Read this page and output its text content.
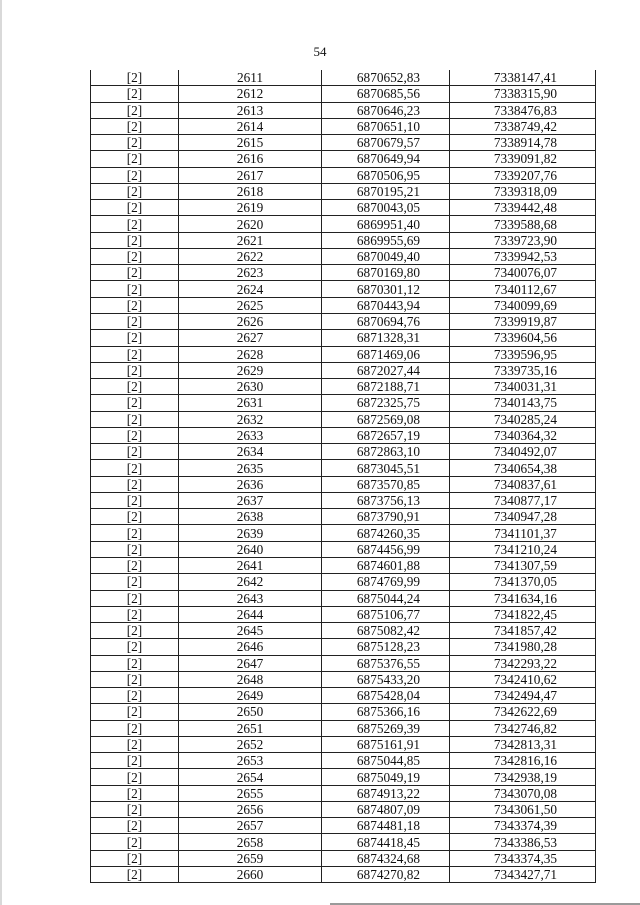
54
[2]	2611	6870652,83	7338147,41
[2]	2612	6870685,56	7338315,90
[2]	2613	6870646,23	7338476,83
[2]	2614	6870651,10	7338749,42
[2]	2615	6870679,57	7338914,78
[2]	2616	6870649,94	7339091,82
[2]	2617	6870506,95	7339207,76
[2]	2618	6870195,21	7339318,09
[2]	2619	6870043,05	7339442,48
[2]	2620	6869951,40	7339588,68
[2]	2621	6869955,69	7339723,90
[2]	2622	6870049,40	7339942,53
[2]	2623	6870169,80	7340076,07
[2]	2624	6870301,12	7340112,67
[2]	2625	6870443,94	7340099,69
[2]	2626	6870694,76	7339919,87
[2]	2627	6871328,31	7339604,56
[2]	2628	6871469,06	7339596,95
[2]	2629	6872027,44	7339735,16
[2]	2630	6872188,71	7340031,31
[2]	2631	6872325,75	7340143,75
[2]	2632	6872569,08	7340285,24
[2]	2633	6872657,19	7340364,32
[2]	2634	6872863,10	7340492,07
[2]	2635	6873045,51	7340654,38
[2]	2636	6873570,85	7340837,61
[2]	2637	6873756,13	7340877,17
[2]	2638	6873790,91	7340947,28
[2]	2639	6874260,35	7341101,37
[2]	2640	6874456,99	7341210,24
[2]	2641	6874601,88	7341307,59
[2]	2642	6874769,99	7341370,05
[2]	2643	6875044,24	7341634,16
[2]	2644	6875106,77	7341822,45
[2]	2645	6875082,42	7341857,42
[2]	2646	6875128,23	7341980,28
[2]	2647	6875376,55	7342293,22
[2]	2648	6875433,20	7342410,62
[2]	2649	6875428,04	7342494,47
[2]	2650	6875366,16	7342622,69
[2]	2651	6875269,39	7342746,82
[2]	2652	6875161,91	7342813,31
[2]	2653	6875044,85	7342816,16
[2]	2654	6875049,19	7342938,19
[2]	2655	6874913,22	7343070,08
[2]	2656	6874807,09	7343061,50
[2]	2657	6874481,18	7343374,39
[2]	2658	6874418,45	7343386,53
[2]	2659	6874324,68	7343374,35
[2]	2660	6874270,82	7343427,71
